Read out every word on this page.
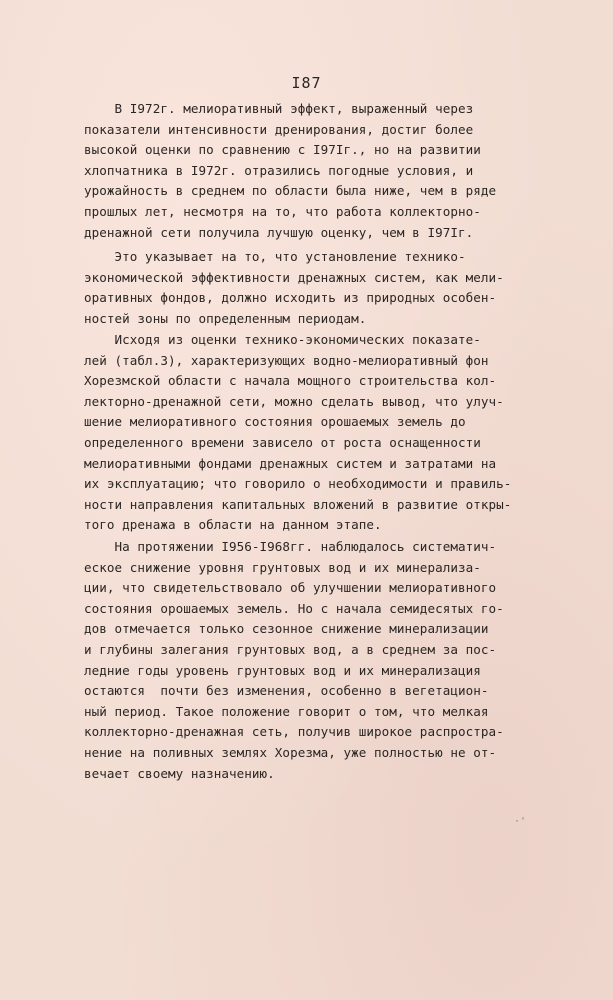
I87
В I972г. мелиоративный эффект, выраженный через
показатели интенсивности дренирования, достиг более
высокой оценки по сравнению с I97Iг., но на развитии
хлопчатника в I972г. отразились погодные условия, и
урожайность в среднем по области была ниже, чем в ряде
прошлых лет, несмотря на то, что работа коллекторно-
дренажной сети получила лучшую оценку, чем в I97Iг.
Это указывает на то, что установление технико-
экономической эффективности дренажных систем, как мели-
оративных фондов, должно исходить из природных особен-
ностей зоны по определенным периодам.
Исходя из оценки технико-экономических показате-
лей (табл.3), характеризующих водно-мелиоративный фон
Хорезмской области с начала мощного строительства кол-
лекторно-дренажной сети, можно сделать вывод, что улуч-
шение мелиоративного состояния орошаемых земель до
определенного времени зависело от роста оснащенности
мелиоративными фондами дренажных систем и затратами на
их эксплуатацию; что говорило о необходимости и правиль-
ности направления капитальных вложений в развитие откры-
того дренажа в области на данном этапе.
На протяжении I956-I968гг. наблюдалось систематич-
еское снижение уровня грунтовых вод и их минерализа-
ции, что свидетельствовало об улучшении мелиоративного
состояния орошаемых земель. Но с начала семидесятых го-
дов отмечается только сезонное снижение минерализации
и глубины залегания грунтовых вод, а в среднем за пос-
ледние годы уровень грунтовых вод и их минерализация
остаются  почти без изменения, особенно в вегетацион-
ный период. Такое положение говорит о том, что мелкая
коллекторно-дренажная сеть, получив широкое распростра-
нение на поливных землях Хорезма, уже полностью не от-
вечает своему назначению.
·'
